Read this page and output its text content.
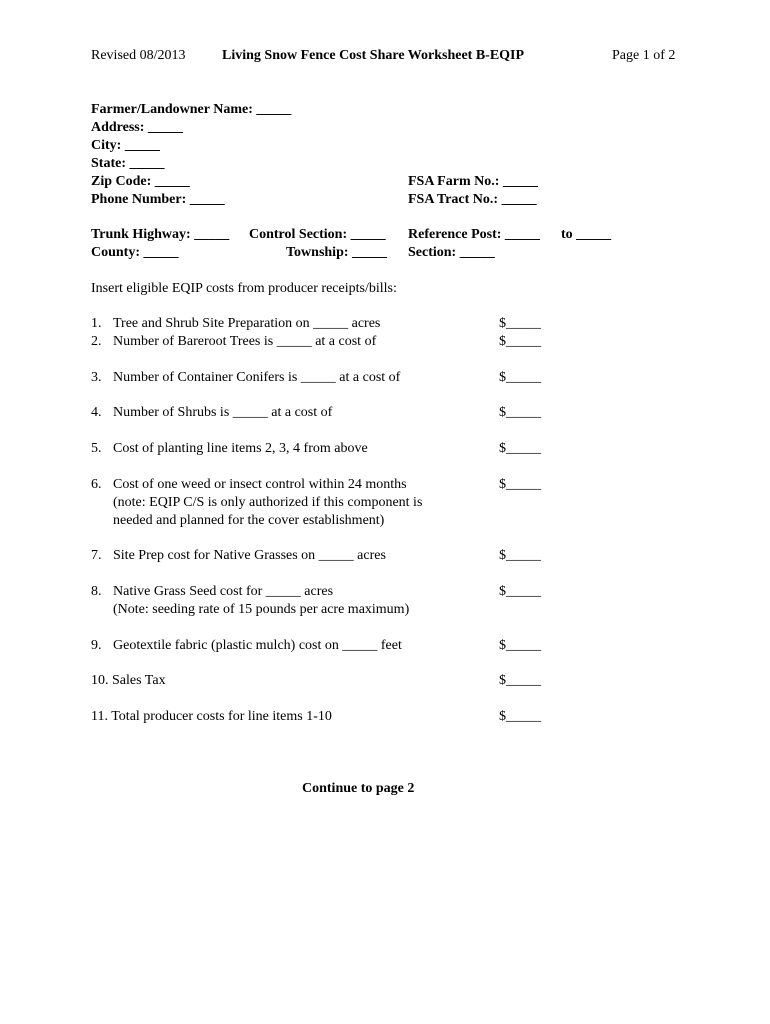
Revised 08/2013	Living Snow Fence Cost Share Worksheet B-EQIP	Page 1 of 2
Farmer/Landowner Name: _____
Address: _____
City: _____
State: _____
Zip Code: _____
Phone Number: _____
FSA Farm No.: _____
FSA Tract No.: _____
Trunk Highway: _____ Control Section: _____ Reference Post: _____ to _____
County: _____	Township: _____ Section: _____
Insert eligible EQIP costs from producer receipts/bills:
1. Tree and Shrub Site Preparation on _____ acres	$_____
2. Number of Bareroot Trees is _____ at a cost of	$_____
3. Number of Container Conifers is _____ at a cost of	$_____
4. Number of Shrubs is _____ at a cost of	$_____
5. Cost of planting line items 2, 3, 4 from above	$_____
6. Cost of one weed or insect control within 24 months
(note: EQIP C/S is only authorized if this component is
needed and planned for the cover establishment)
$_____
7. Site Prep cost for Native Grasses on _____ acres	$_____
8. Native Grass Seed cost for _____ acres
(Note: seeding rate of 15 pounds per acre maximum)
$_____
9. Geotextile fabric (plastic mulch) cost on _____ feet	$_____
10. Sales Tax	$_____
11. Total producer costs for line items 1-10	$_____
Continue to page 2
